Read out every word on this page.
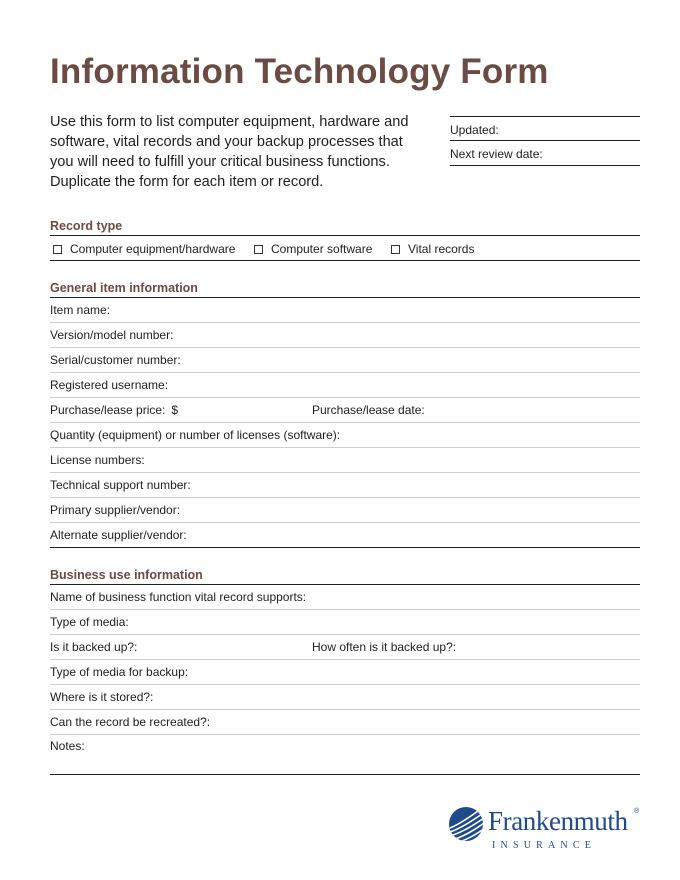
Information Technology Form
Use this form to list computer equipment, hardware and software, vital records and your backup processes that you will need to fulfill your critical business functions. Duplicate the form for each item or record.
Updated:
Next review date:
Record type
Computer equipment/hardware	Computer software	Vital records
General item information
Item name:
Version/model number:
Serial/customer number:
Registered username:
Purchase/lease price: $	Purchase/lease date:
Quantity (equipment) or number of licenses (software):
License numbers:
Technical support number:
Primary supplier/vendor:
Alternate supplier/vendor:
Business use information
Name of business function vital record supports:
Type of media:
Is it backed up?:	How often is it backed up?:
Type of media for backup:
Where is it stored?:
Can the record be recreated?:
Notes:
Frankenmuth ®
INSURANCE
